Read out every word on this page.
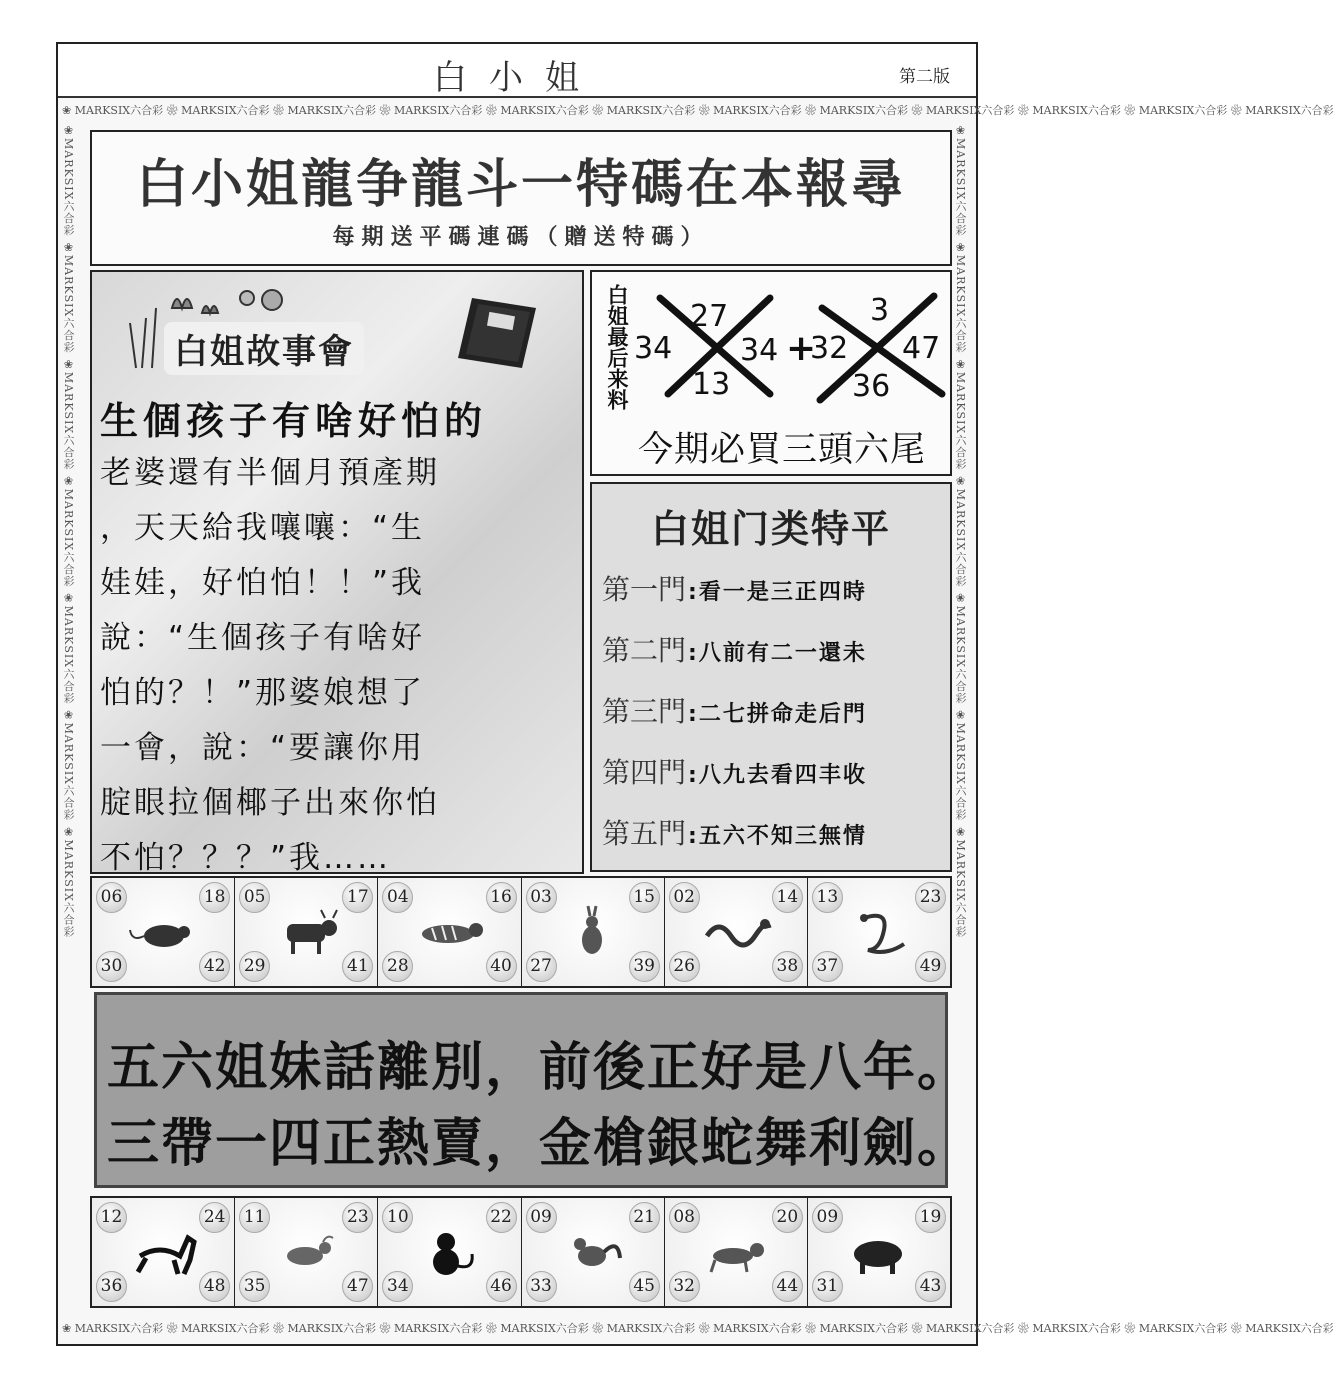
白小姐	第二版
❀ MARKSIX六合彩 ❀ MARKSIX六合彩 ❀ MARKSIX六合彩 ❀ MARKSIX六合彩 ❀ MARKSIX六合彩 ❀ MARKSIX六合彩 ❀ MARKSIX六合彩 ❀ MARKSIX六合彩 ❀ MARKSIX六合彩 ❀ MARKSIX六合彩 ❀ MARKSIX六合彩 ❀ MARKSIX六合彩
❀ MARKSIX六合彩 ❀ MARKSIX六合彩 ❀ MARKSIX六合彩 ❀ MARKSIX六合彩 ❀ MARKSIX六合彩 ❀ MARKSIX六合彩 ❀ MARKSIX六合彩 ❀ MARKSIX六合彩 ❀ MARKSIX六合彩 ❀ MARKSIX六合彩 ❀ MARKSIX六合彩 ❀ MARKSIX六合彩
❀MARKSIX六合彩 ❀MARKSIX六合彩 ❀MARKSIX六合彩 ❀MARKSIX六合彩 ❀MARKSIX六合彩 ❀MARKSIX六合彩 ❀MARKSIX六合彩	❀MARKSIX六合彩 ❀MARKSIX六合彩 ❀MARKSIX六合彩 ❀MARKSIX六合彩 ❀MARKSIX六合彩 ❀MARKSIX六合彩 ❀MARKSIX六合彩
白小姐龍争龍斗一特碼在本報尋
每期送平碼連碼（贈送特碼）
白姐故事會
生個孩子有啥好怕的
老婆還有半個月預產期
，天天給我嚷嚷：“生
娃娃，好怕怕！！”我
說：“生個孩子有啥好
怕的？！”那婆娘想了
一會，說：“要讓你用
腚眼拉個椰子出來你怕
不怕？？？”我……
白姐最后来料 27
34
13
34 +
3
32 47
36
今期必買三頭六尾
白姐门类特平
第一門:看一是三正四時
第二門:八前有二一還未
第三門:二七拼命走后門
第四門:八九去看四丰收
第五門:五六不知三無情
06	18
30	42
05	17
29	41
04	16
28	40
03	15
27	39
02	14
26	38
13	23
37	49
五六姐妹話離別，前後正好是八年。
三帶一四正熱賣，金槍銀蛇舞利劍。
12	24
36	48
11	23
35	47
10	22
34	46
09	21
33	45
08	20
32	44
09	19
31	43
